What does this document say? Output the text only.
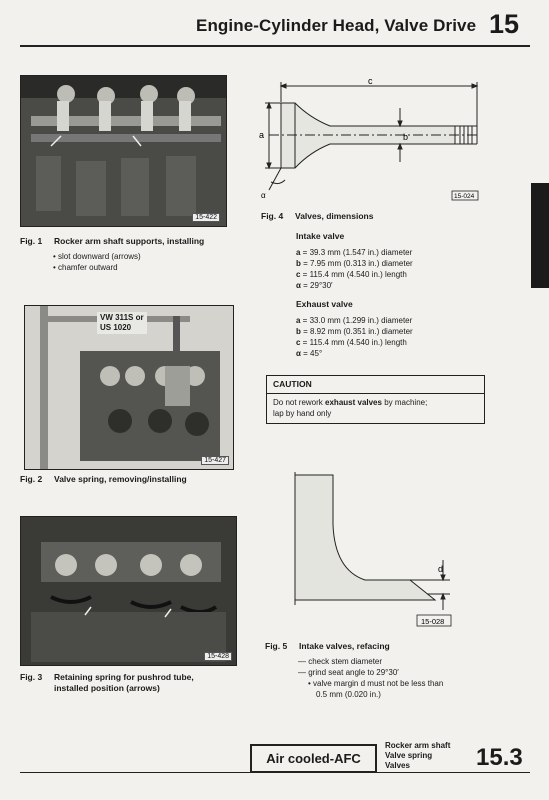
Engine-Cylinder Head, Valve Drive 15
15-422
Fig. 1 Rocker arm shaft supports, installing
• slot downward (arrows)
• chamfer outward
VW 311S or
US 1020
15-427
Fig. 2 Valve spring, removing/installing
15-428
Fig. 3 Retaining spring for pushrod tube,
installed position (arrows)
c
a	b
α	15-024
Fig. 4 Valves, dimensions
Intake valve
a = 39.3 mm (1.547 in.) diameter
b = 7.95 mm (0.313 in.) diameter
c = 115.4 mm (4.540 in.) length
α = 29°30′
Exhaust valve
a = 33.0 mm (1.299 in.) diameter
b = 8.92 mm (0.351 in.) diameter
c = 115.4 mm (4.540 in.) length
α = 45°
CAUTION
Do not rework exhaust valves by machine;
lap by hand only
d
15-028
Fig. 5 Intake valves, refacing
— check stem diameter
— grind seat angle to 29°30′
• valve margin d must not be less than
0.5 mm (0.020 in.)
Air cooled-AFC
Rocker arm shaft
Valve spring
Valves	15.3
